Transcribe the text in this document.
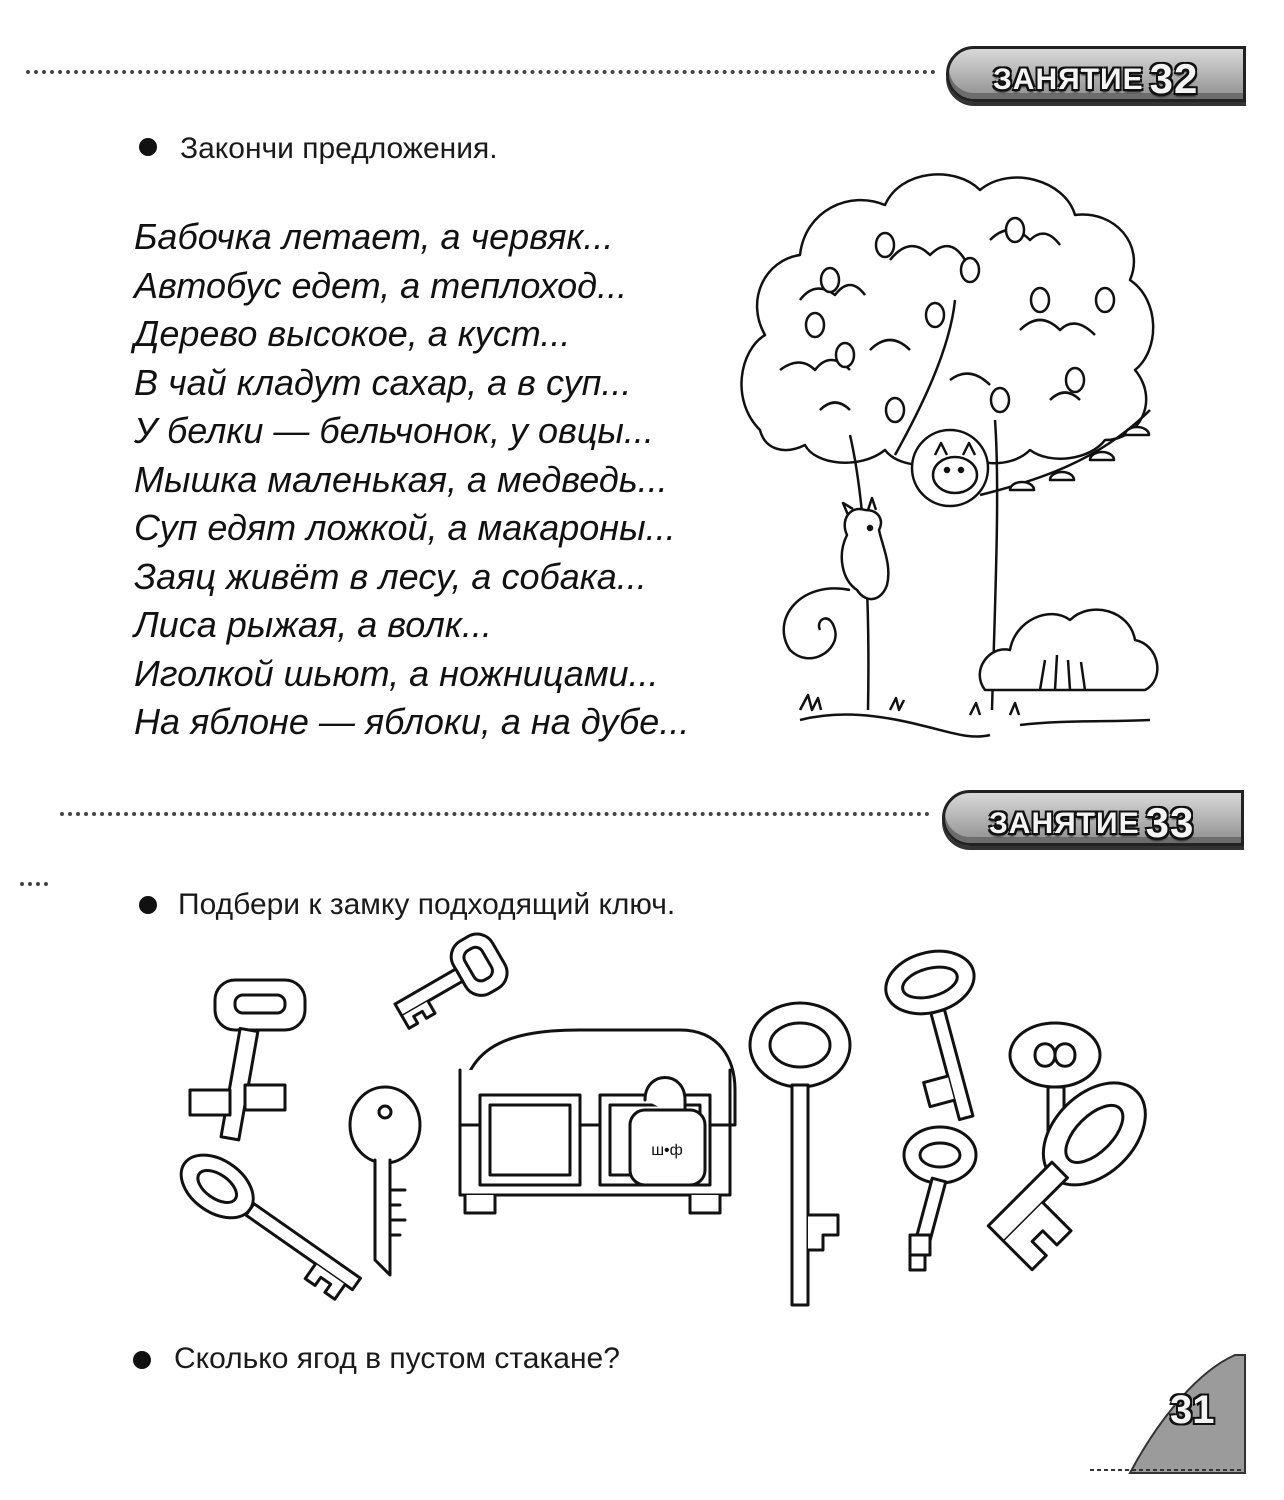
ЗАНЯТИЕ 32
Закончи предложения.
Бабочка летает, а червяк...
Автобус едет, а теплоход...
Дерево высокое, а куст...
В чай кладут сахар, а в суп...
У белки — бельчонок, у овцы...
Мышка маленькая, а медведь...
Суп едят ложкой, а макароны...
Заяц живёт в лесу, а собака...
Лиса рыжая, а волк...
Иголкой шьют, а ножницами...
На яблоне — яблоки, а на дубе...
ЗАНЯТИЕ 33
Подбери к замку подходящий ключ.
ш•ф
Сколько ягод в пустом стакане?
31
